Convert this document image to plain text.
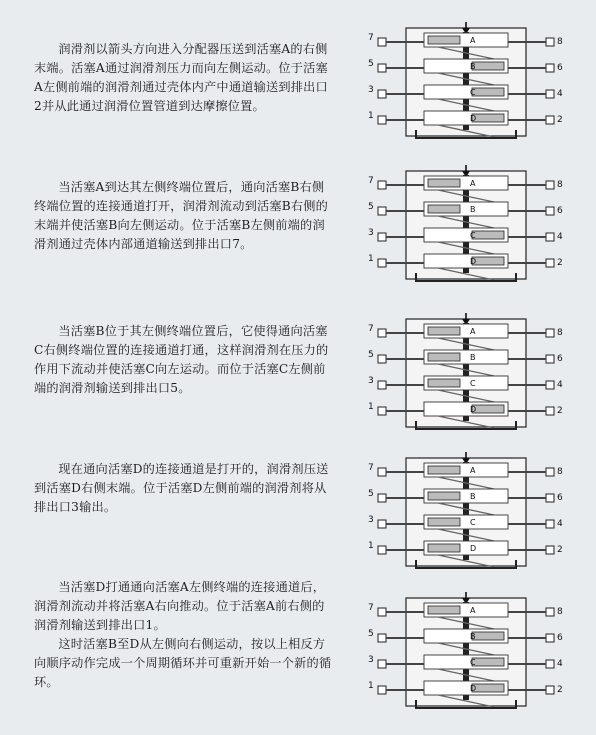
润滑剂以箭头方向进入分配器压送到活塞A的右侧末端。活塞A通过润滑剂压力而向左侧运动。位于活塞A左侧前端的润滑剂通过壳体内产中通道输送到排出口2并从此通过润滑位置管道到达摩擦位置。

A
7	8
B
5	6
C
3	4
D
1	2

当活塞A到达其左侧终端位置后，通向活塞B右侧终端位置的连接通道打开，润滑剂流动到活塞B右侧的末端并使活塞B向左侧运动。位于活塞B左侧前端的润滑剂通过壳体内部通道输送到排出口7。

A
7	8
B
5	6
C
3	4
D
1	2

当活塞B位于其左侧终端位置后，它使得通向活塞C右侧终端位置的连接通道打通，这样润滑剂在压力的作用下流动并使活塞C向左运动。而位于活塞C左侧前端的润滑剂输送到排出口5。

A
7	8
B
5	6
C
3	4
D
1	2

现在通向活塞D的连接通道是打开的，润滑剂压送到活塞D右侧末端。位于活塞D左侧前端的润滑剂将从排出口3输出。

A
7	8
B
5	6
C
3	4
D
1	2

当活塞D打通通向活塞A左侧终端的连接通道后，润滑剂流动并将活塞A右向推动。位于活塞A前右侧的润滑剂输送到排出口1。

这时活塞B至D从左侧向右侧运动，按以上相反方向顺序动作完成一个周期循环并可重新开始一个新的循环。

A
7	8
B
5	6
C
3	4
D
1	2
